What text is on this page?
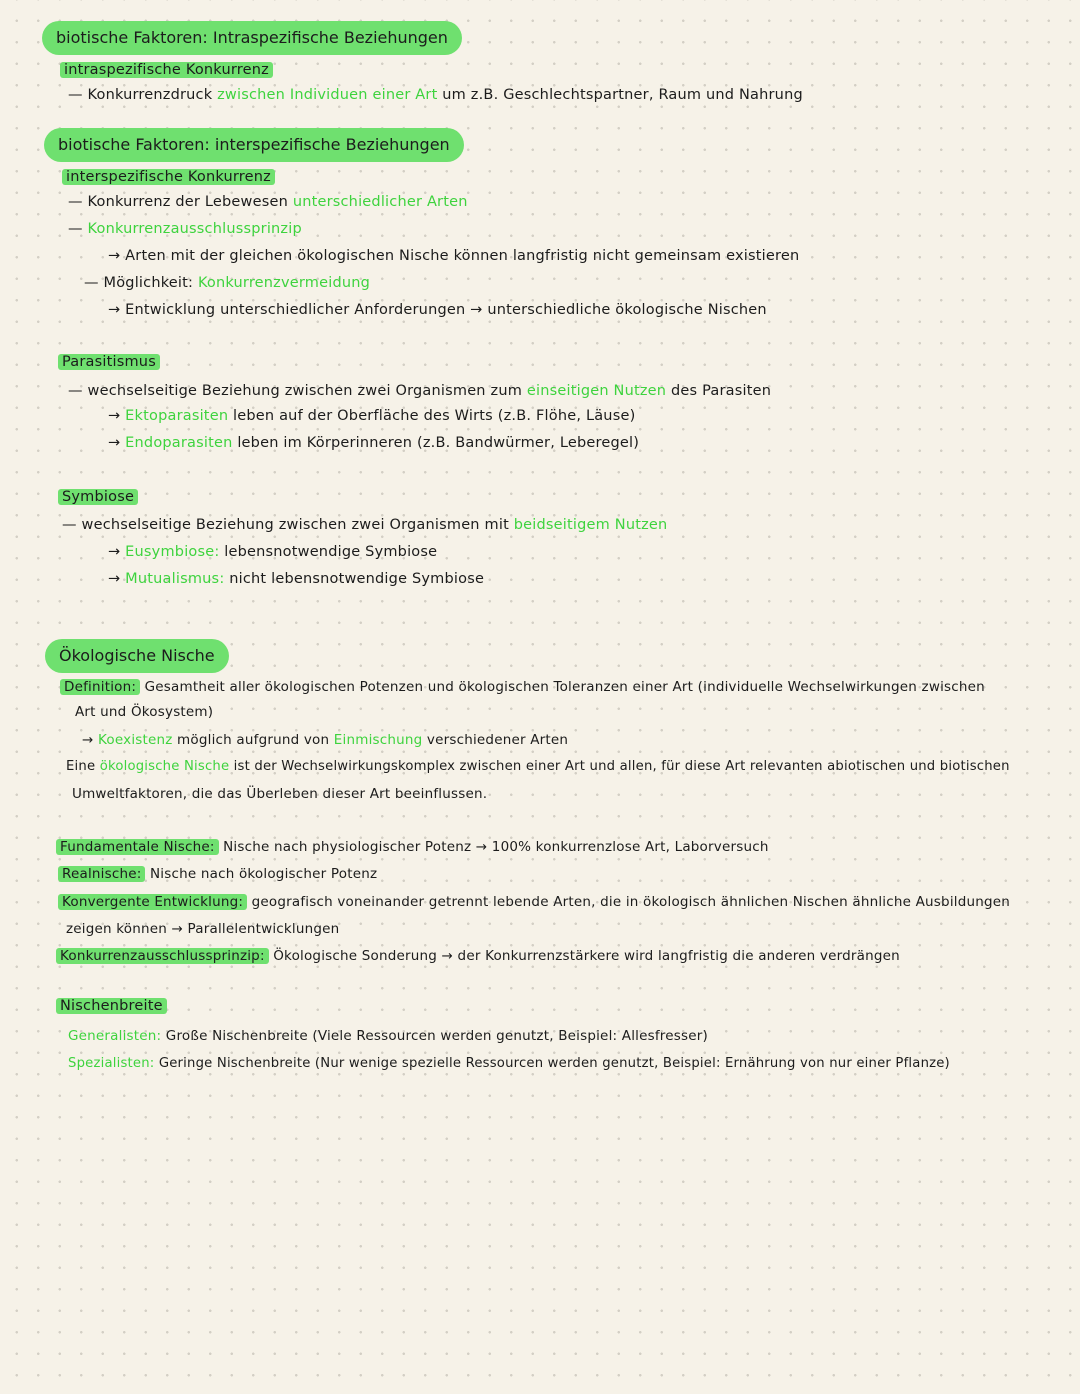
biotische Faktoren: Intraspezifische Beziehungen
intraspezifische Konkurrenz
— Konkurrenzdruck zwischen Individuen einer Art um z.B. Geschlechtspartner, Raum und Nahrung
biotische Faktoren: interspezifische Beziehungen
interspezifische Konkurrenz
— Konkurrenz der Lebewesen unterschiedlicher Arten
— Konkurrenzausschlussprinzip
→ Arten mit der gleichen ökologischen Nische können langfristig nicht gemeinsam existieren
— Möglichkeit: Konkurrenzvermeidung
→ Entwicklung unterschiedlicher Anforderungen → unterschiedliche ökologische Nischen
Parasitismus
— wechselseitige Beziehung zwischen zwei Organismen zum einseitigen Nutzen des Parasiten
→ Ektoparasiten leben auf der Oberfläche des Wirts (z.B. Flöhe, Läuse)
→ Endoparasiten leben im Körperinneren (z.B. Bandwürmer, Leberegel)
Symbiose
— wechselseitige Beziehung zwischen zwei Organismen mit beidseitigem Nutzen
→ Eusymbiose: lebensnotwendige Symbiose
→ Mutualismus: nicht lebensnotwendige Symbiose
Ökologische Nische
Definition: Gesamtheit aller ökologischen Potenzen und ökologischen Toleranzen einer Art (individuelle Wechselwirkungen zwischen
Art und Ökosystem)
→ Koexistenz möglich aufgrund von Einmischung verschiedener Arten
Eine ökologische Nische ist der Wechselwirkungskomplex zwischen einer Art und allen, für diese Art relevanten abiotischen und biotischen
Umweltfaktoren, die das Überleben dieser Art beeinflussen.
Fundamentale Nische: Nische nach physiologischer Potenz → 100% konkurrenzlose Art, Laborversuch
Realnische: Nische nach ökologischer Potenz
Konvergente Entwicklung: geografisch voneinander getrennt lebende Arten, die in ökologisch ähnlichen Nischen ähnliche Ausbildungen
zeigen können → Parallelentwicklungen
Konkurrenzausschlussprinzip: Ökologische Sonderung → der Konkurrenzstärkere wird langfristig die anderen verdrängen
Nischenbreite
Generalisten: Große Nischenbreite (Viele Ressourcen werden genutzt, Beispiel: Allesfresser)
Spezialisten: Geringe Nischenbreite (Nur wenige spezielle Ressourcen werden genutzt, Beispiel: Ernährung von nur einer Pflanze)
